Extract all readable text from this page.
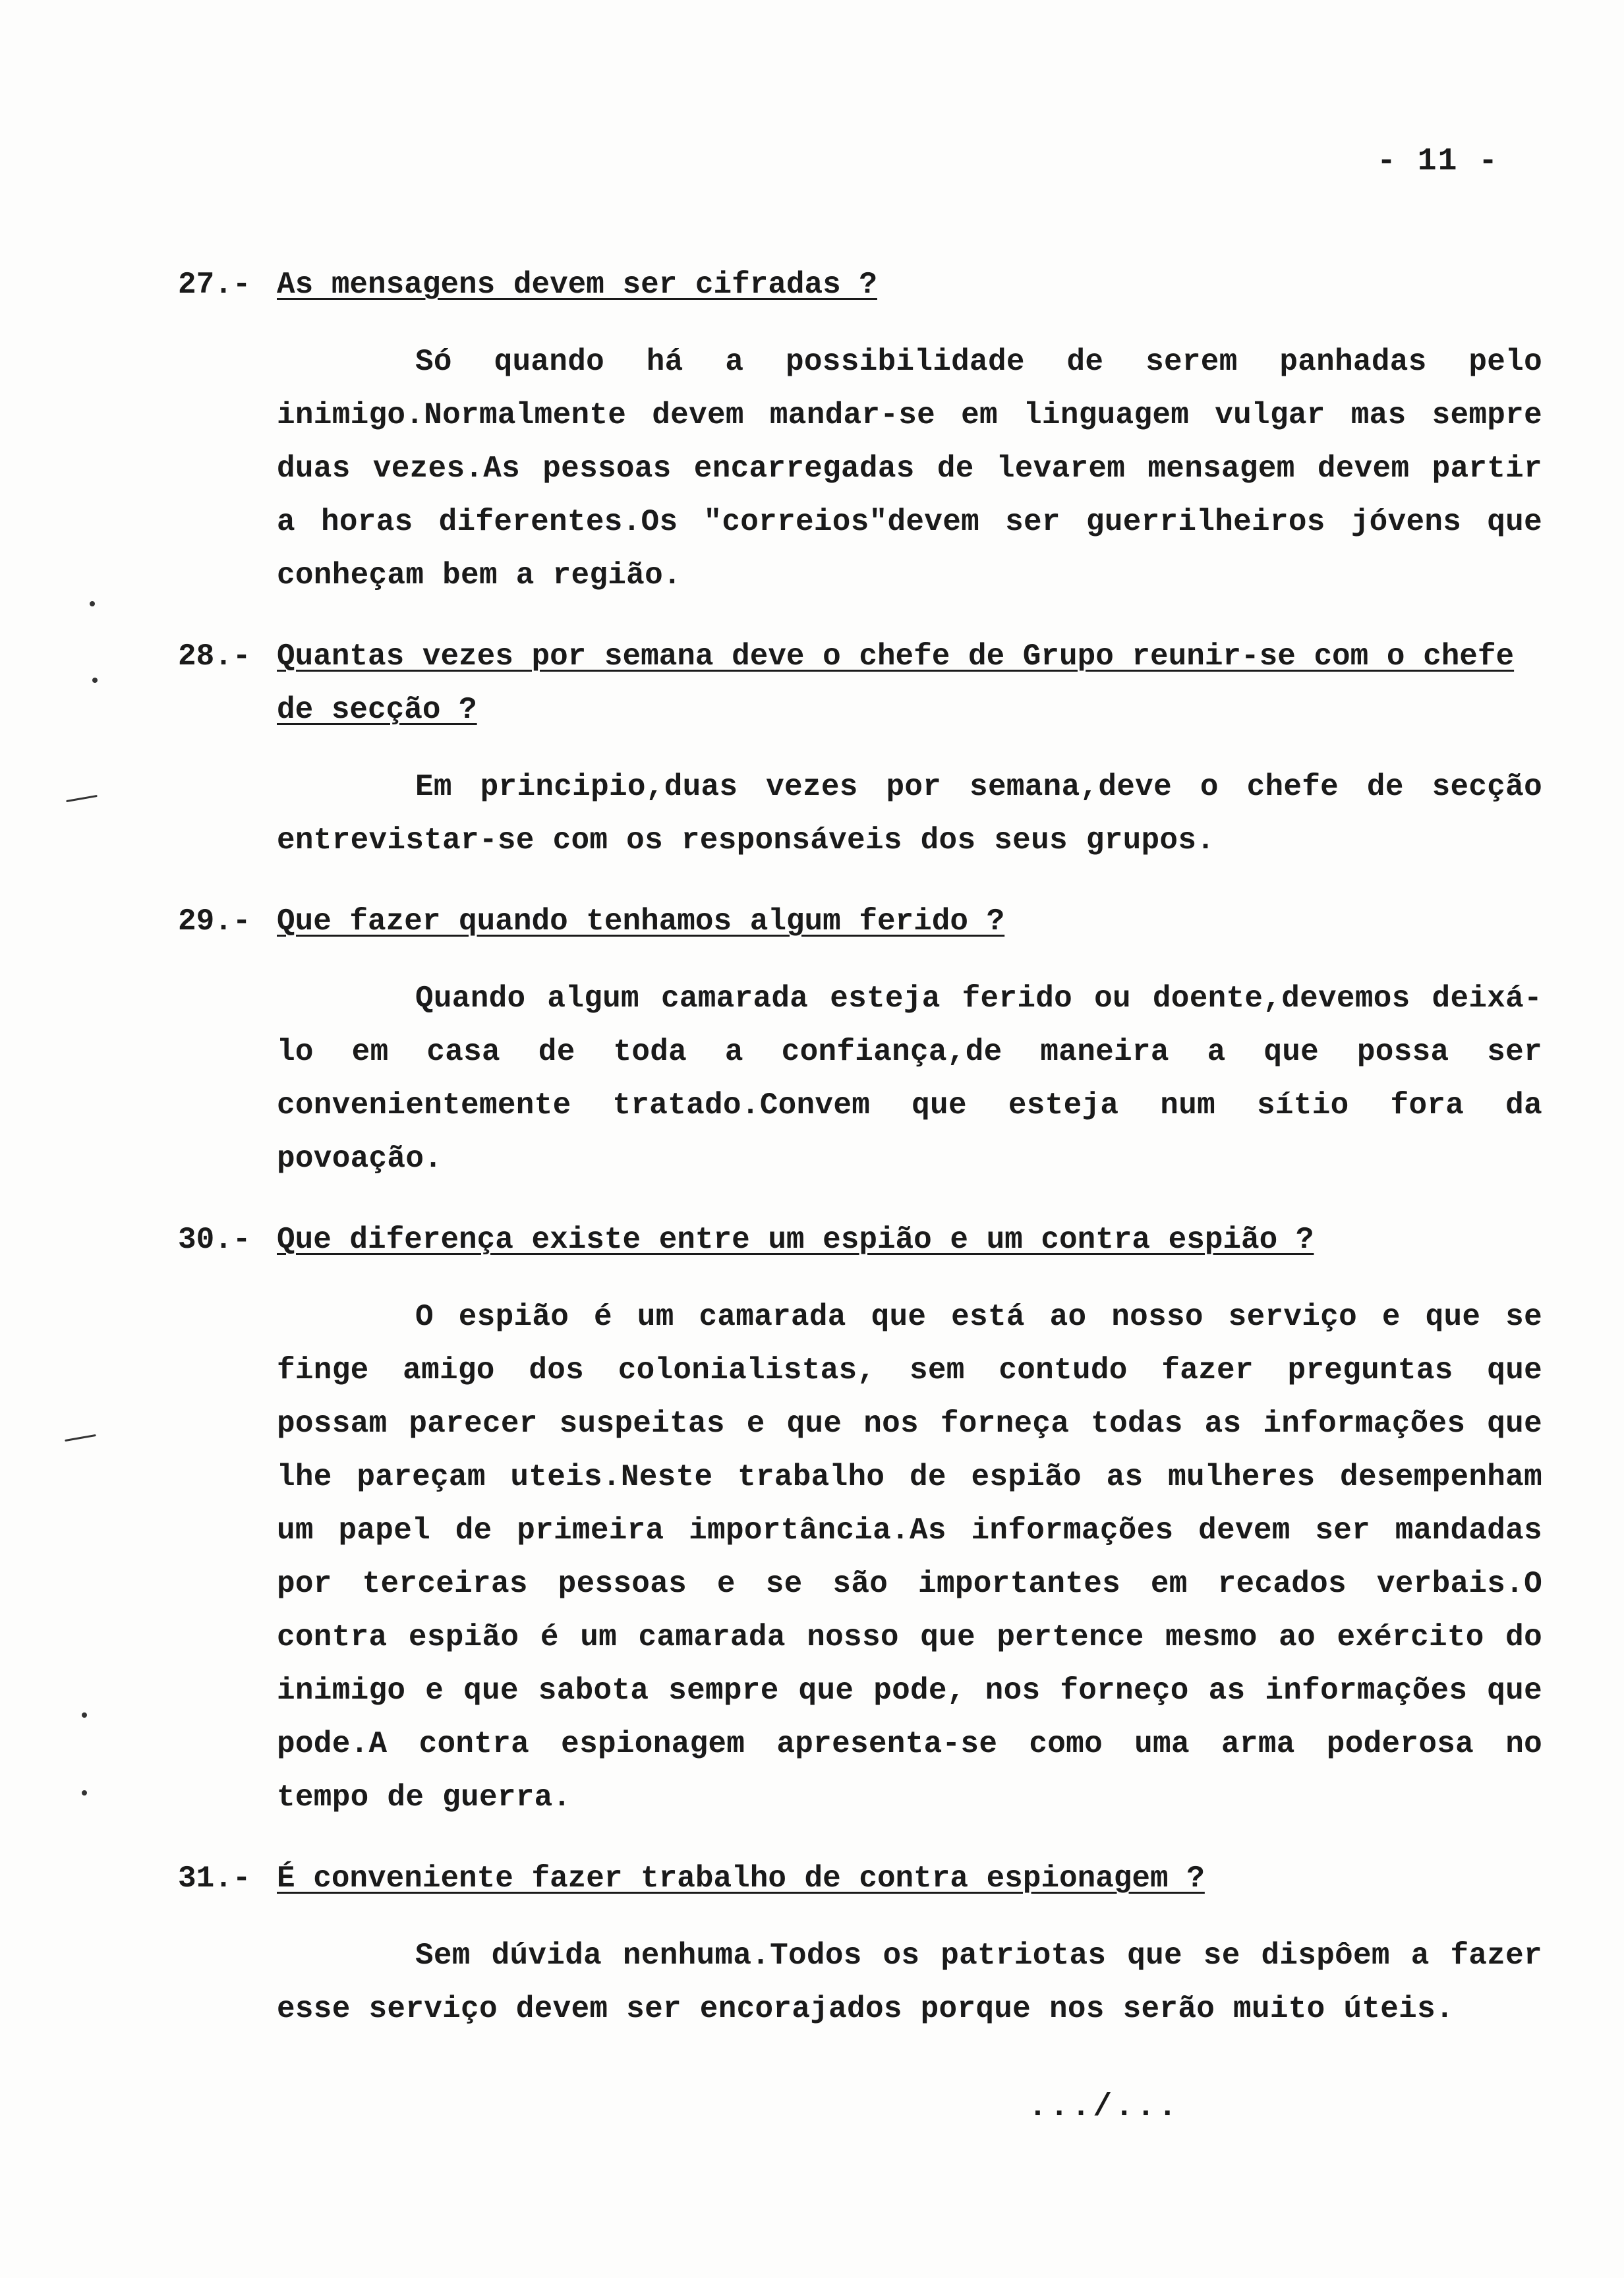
- 11 -
27.- As mensagens devem ser cifradas ?
Só quando há a possibilidade de serem panhadas pelo inimigo.Normalmente devem mandar-se em linguagem vulgar mas sempre duas vezes.As pessoas encarregadas de levarem mensagem devem partir a horas diferentes.Os "correios"devem ser guerrilheiros jóvens que conheçam bem a região.
28.- Quantas vezes por semana deve o chefe de Grupo reunir-se com o chefe de secção ?
Em principio,duas vezes por semana,deve o chefe de secção entrevistar-se com os responsáveis dos seus grupos.
29.- Que fazer quando tenhamos algum ferido ?
Quando algum camarada esteja ferido ou doente,devemos deixá-lo em casa de toda a confiança,de maneira a que possa ser convenientemente tratado.Convem que esteja num sítio fora da povoação.
30.- Que diferença existe entre um espião e um contra espião ?
O espião é um camarada que está ao nosso serviço e que se finge amigo dos colonialistas, sem contudo fazer preguntas que possam parecer suspeitas e que nos forneça todas as informações que lhe pareçam uteis.Neste trabalho de espião as mulheres desempenham um papel de primeira importância.As informações devem ser mandadas por terceiras pessoas e se são importantes em recados verbais.O contra espião é um camarada nosso que pertence mesmo ao exército do inimigo e que sabota sempre que pode, nos forneço as informações que pode.A contra espionagem apresenta-se como uma arma poderosa no tempo de guerra.
31.- É conveniente fazer trabalho de contra espionagem ?
Sem dúvida nenhuma.Todos os patriotas que se dispôem a fazer esse serviço devem ser encorajados porque nos serão muito úteis.
.../...
